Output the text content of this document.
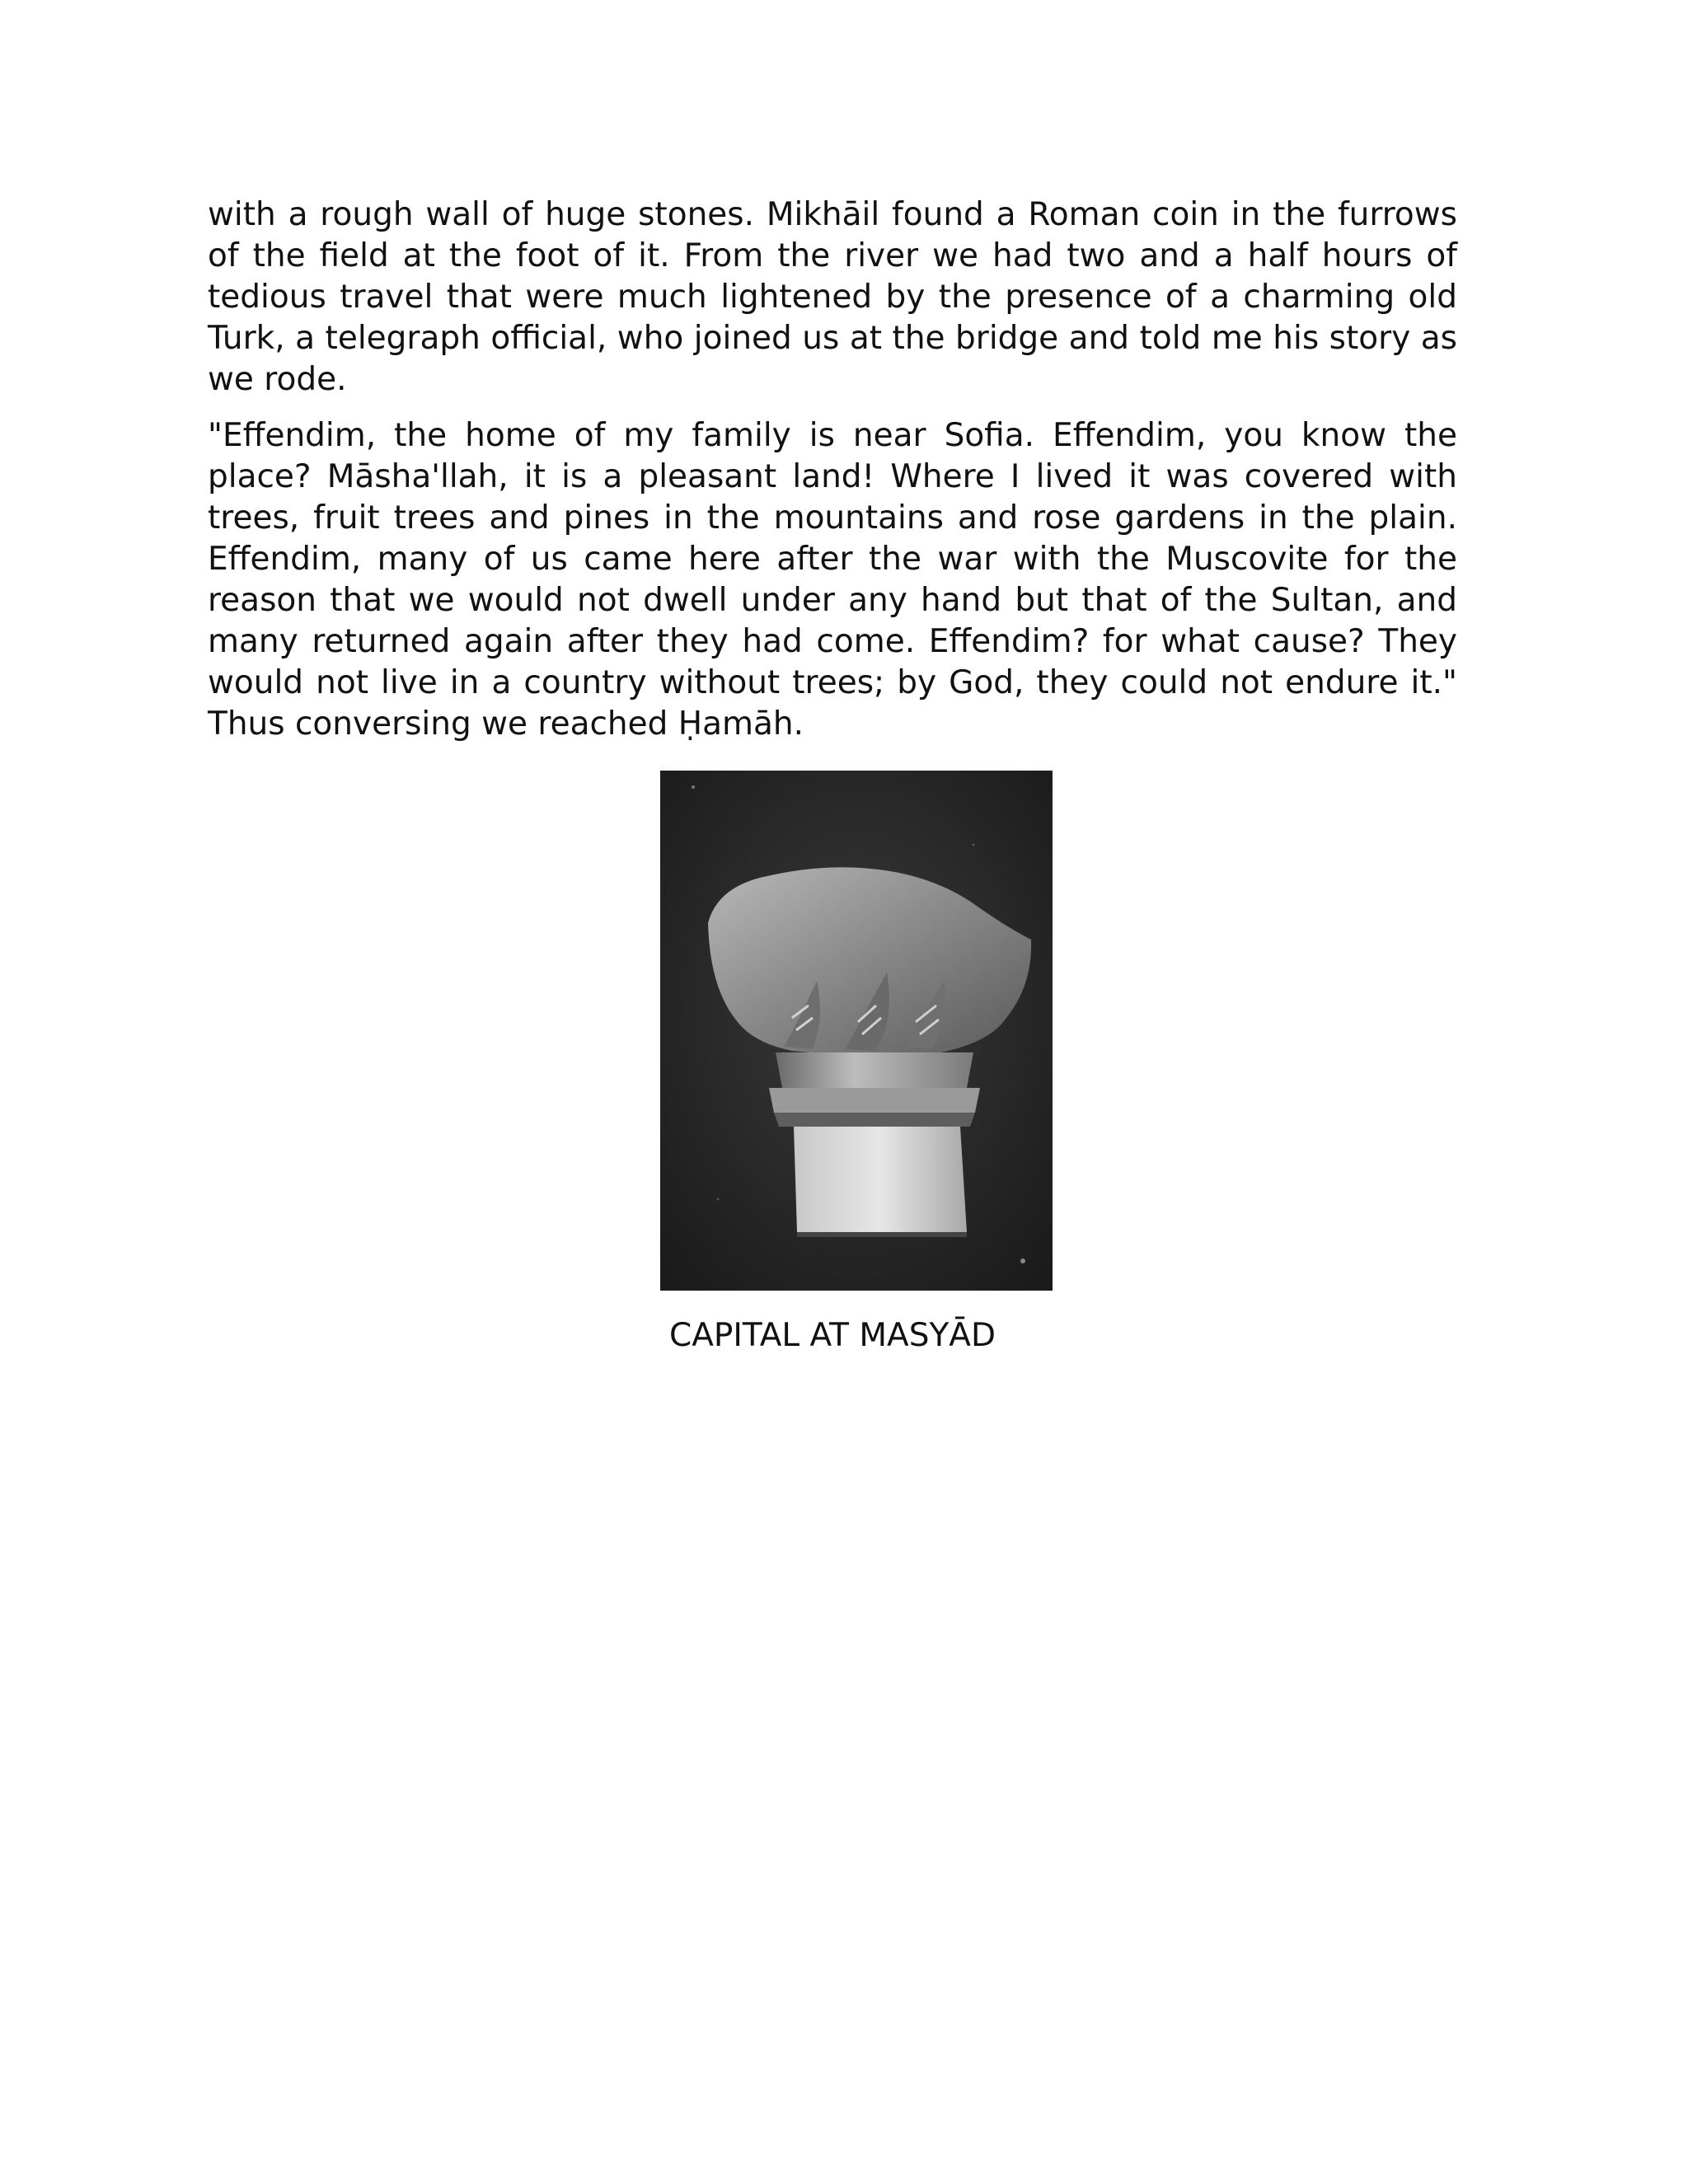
with a rough wall of huge stones. Mikhāil found a Roman coin in the furrows of the field at the foot of it. From the river we had two and a half hours of tedious travel that were much lightened by the presence of a charming old Turk, a telegraph official, who joined us at the bridge and told me his story as we rode.

"Effendim, the home of my family is near Sofia. Effendim, you know the place? Māsha'llah, it is a pleasant land! Where I lived it was covered with trees, fruit trees and pines in the mountains and rose gardens in the plain. Effendim, many of us came here after the war with the Muscovite for the reason that we would not dwell under any hand but that of the Sultan, and many returned again after they had come. Effendim? for what cause? They would not live in a country without trees; by God, they could not endure it." Thus conversing we reached Ḥamāh.

CAPITAL AT MASYĀD
